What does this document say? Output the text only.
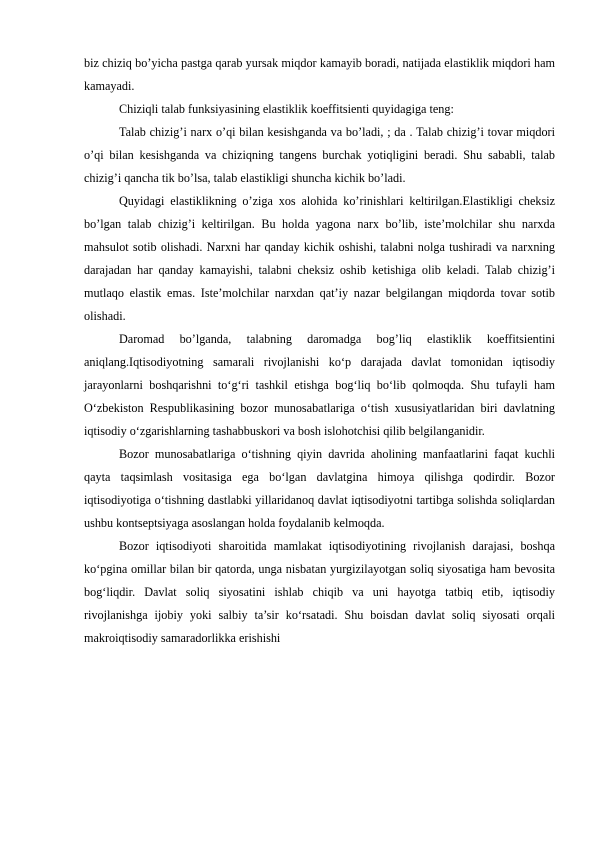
biz chiziq bo’yicha pastga qarab yursak miqdor kamayib boradi, natijada elastiklik miqdori ham kamayadi.

Chiziqli talab funksiyasining elastiklik koeffitsienti quyidagiga teng:

Talab chizig’i narx o’qi bilan kesishganda va bo’ladi, ; da . Talab chizig’i tovar miqdori o’qi bilan kesishganda va chiziqning tangens burchak yotiqligini beradi. Shu sababli, talab chizig’i qancha tik bo’lsa, talab elastikligi shuncha kichik bo’ladi.

Quyidagi elastiklikning o’ziga xos alohida ko’rinishlari keltirilgan.Elastikligi cheksiz bo’lgan talab chizig’i keltirilgan. Bu holda yagona narx bo’lib, iste’molchilar shu narxda mahsulot sotib olishadi. Narxni har qanday kichik oshishi, talabni nolga tushiradi va narxning darajadan har qanday kamayishi, talabni cheksiz oshib ketishiga olib keladi. Talab chizig’i mutlaqo elastik emas. Iste’molchilar narxdan qat’iy nazar belgilangan miqdorda tovar sotib olishadi.

Daromad bo’lganda, talabning daromadga bog’liq elastiklik koeffitsientini aniqlang.Iqtisodiyotning samarali rivojlanishi ko‘p darajada davlat tomonidan iqtisodiy jarayonlarni boshqarishni to‘g‘ri tashkil etishga bog‘liq bo‘lib qolmoqda. Shu tufayli ham O‘zbekiston Respublikasining bozor munosabatlariga o‘tish xususiyatlaridan biri davlatning iqtisodiy o‘zgarishlarning tashabbuskori va bosh islohotchisi qilib belgilanganidir.

Bozor munosabatlariga o‘tishning qiyin davrida aholining manfaatlarini faqat kuchli qayta taqsimlash vositasiga ega bo‘lgan davlatgina himoya qilishga qodirdir. Bozor iqtisodiyotiga o‘tishning dastlabki yillaridanoq davlat iqtisodiyotni tartibga solishda soliqlardan ushbu kontseptsiyaga asoslangan holda foydalanib kelmoqda.

Bozor iqtisodiyoti sharoitida mamlakat iqtisodiyotining rivojlanish darajasi, boshqa ko‘pgina omillar bilan bir qatorda, unga nisbatan yurgizilayotgan soliq siyosatiga ham bevosita bog‘liqdir. Davlat soliq siyosatini ishlab chiqib va uni hayotga tatbiq etib, iqtisodiy rivojlanishga ijobiy yoki salbiy ta’sir ko‘rsatadi. Shu boisdan davlat soliq siyosati orqali makroiqtisodiy samaradorlikka erishishi
